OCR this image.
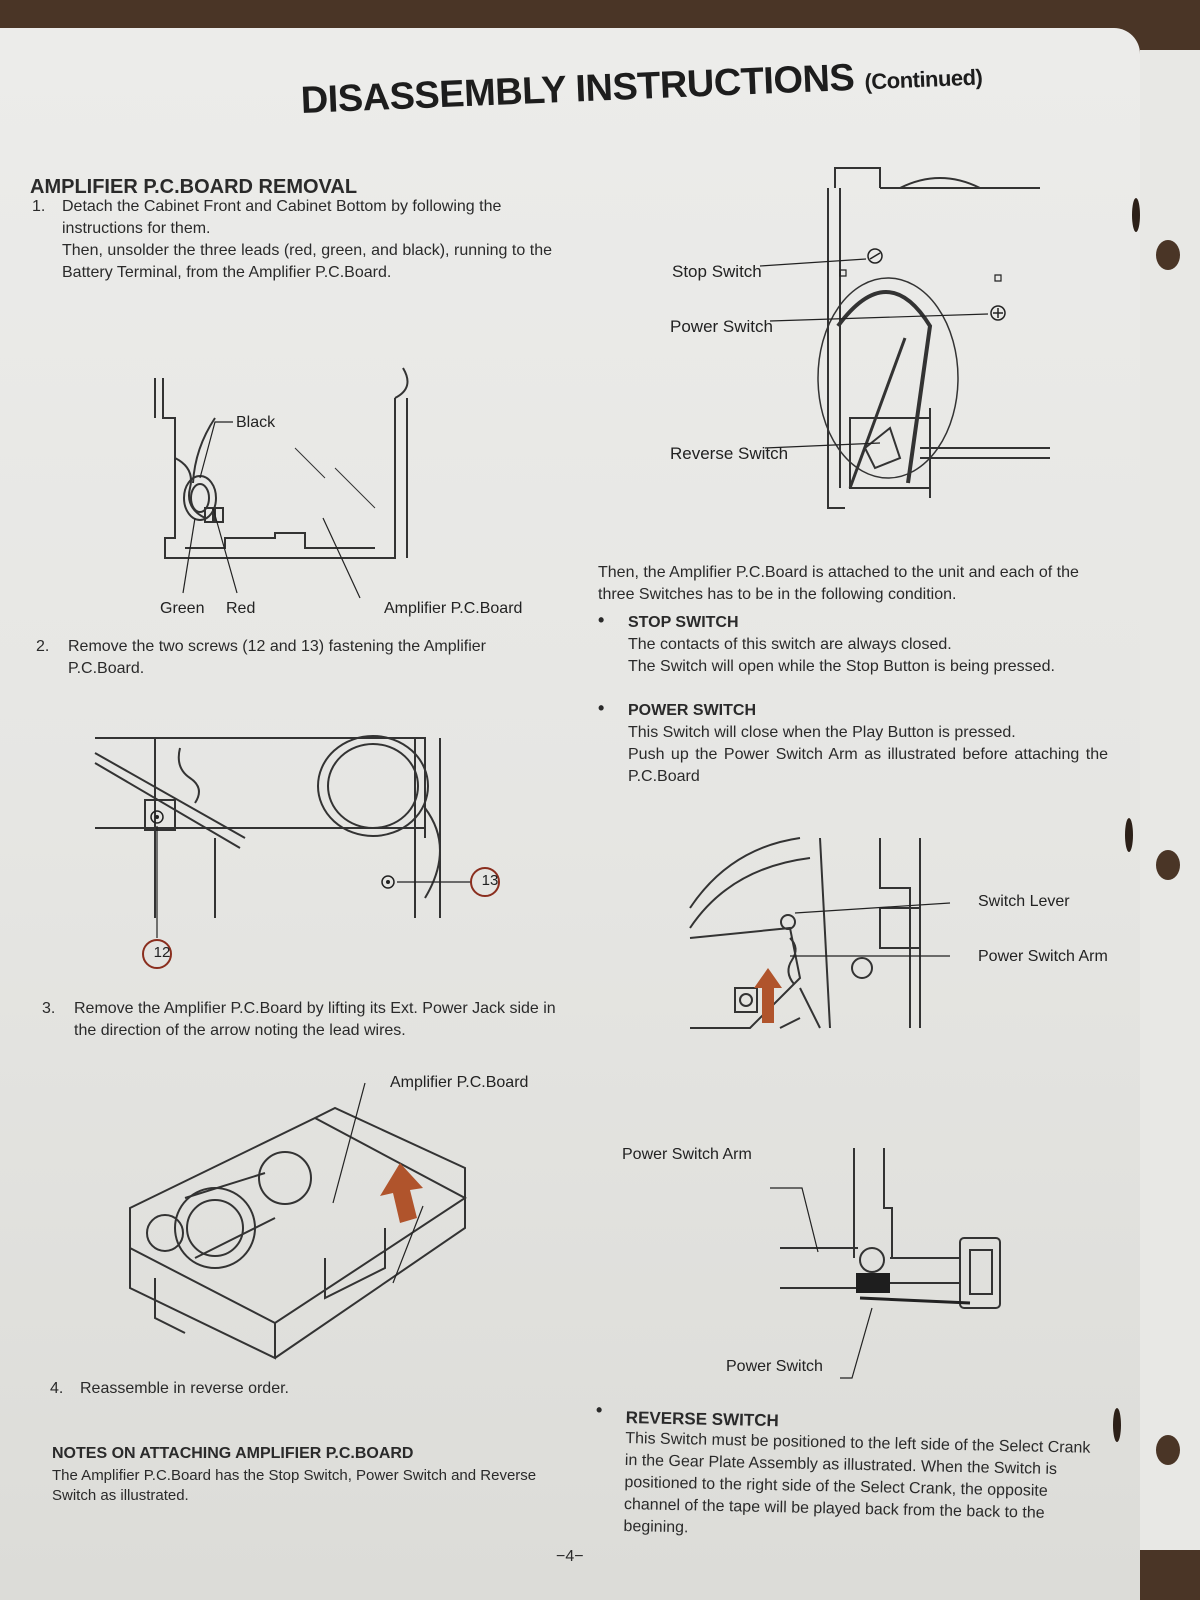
DISASSEMBLY INSTRUCTIONS (Continued)
AMPLIFIER P.C.BOARD REMOVAL
1. Detach the Cabinet Front and Cabinet Bottom by following the instructions for them.
Then, unsolder the three leads (red, green, and black), running to the Battery Terminal, from the Amplifier P.C.Board.
Black
Green Red	Amplifier P.C.Board
2. Remove the two screws (12 and 13) fastening the Amplifier P.C.Board.
12
13
3. Remove the Amplifier P.C.Board by lifting its Ext. Power Jack side in the direction of the arrow noting the lead wires.
Amplifier P.C.Board
4. Reassemble in reverse order.
NOTES ON ATTACHING AMPLIFIER P.C.BOARD
The Amplifier P.C.Board has the Stop Switch, Power Switch and Reverse Switch as illustrated.
Stop Switch
Power Switch
Reverse Switch
Then, the Amplifier P.C.Board is attached to the unit and each of the three Switches has to be in the following condition.
• STOP SWITCH
The contacts of this switch are always closed.
The Switch will open while the Stop Button is being pressed.
• POWER SWITCH
This Switch will close when the Play Button is pressed.
Push up the Power Switch Arm as illustrated before attaching the P.C.Board
Switch Lever
Power Switch Arm
Power Switch Arm
Power Switch
• REVERSE SWITCH
This Switch must be positioned to the left side of the Select Crank in the Gear Plate Assembly as illustrated. When the Switch is positioned to the right side of the Select Crank, the opposite channel of the tape will be played back from the back to the begining.
−4−
